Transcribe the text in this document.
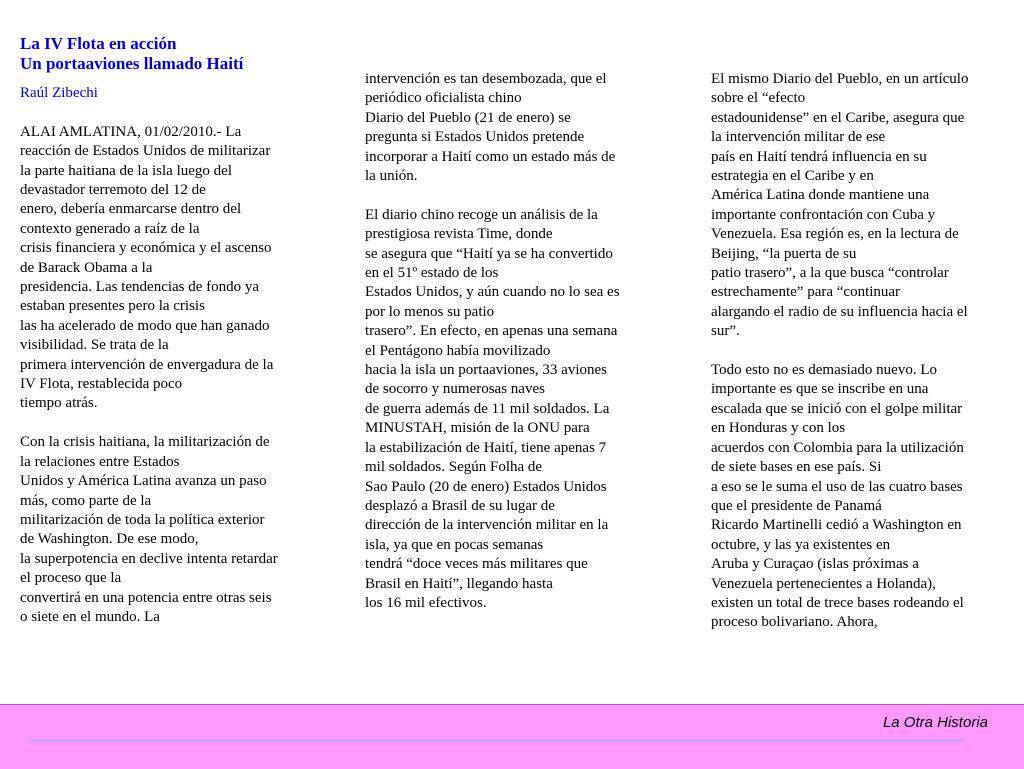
La IV Flota en acción
Un portaaviones llamado Haití
Raúl Zibechi
ALAI AMLATINA, 01/02/2010.- La
reacción de Estados Unidos de militarizar
la parte haitiana de la isla luego del
devastador terremoto del 12 de
enero, debería enmarcarse dentro del
contexto generado a raíz de la
crisis financiera y económica y el ascenso
de Barack Obama a la
presidencia. Las tendencias de fondo ya
estaban presentes pero la crisis
las ha acelerado de modo que han ganado
visibilidad. Se trata de la
primera intervención de envergadura de la
IV Flota, restablecida poco
tiempo atrás.
Con la crisis haitiana, la militarización de
la relaciones entre Estados
Unidos y América Latina avanza un paso
más, como parte de la
militarización de toda la política exterior
de Washington. De ese modo,
la superpotencia en declive intenta retardar
el proceso que la
convertirá en una potencia entre otras seis
o siete en el mundo. La
intervención es tan desembozada, que el
periódico oficialista chino
Diario del Pueblo (21 de enero) se
pregunta si Estados Unidos pretende
incorporar a Haití como un estado más de
la unión.
El diario chino recoge un análisis de la
prestigiosa revista Time, donde
se asegura que “Haití ya se ha convertido
en el 51º estado de los
Estados Unidos, y aún cuando no lo sea es
por lo menos su patio
trasero”. En efecto, en apenas una semana
el Pentágono había movilizado
hacia la isla un portaaviones, 33 aviones
de socorro y numerosas naves
de guerra además de 11 mil soldados. La
MINUSTAH, misión de la ONU para
la estabilización de Haití, tiene apenas 7
mil soldados. Según Folha de
Sao Paulo (20 de enero) Estados Unidos
desplazó a Brasil de su lugar de
dirección de la intervención militar en la
isla, ya que en pocas semanas
tendrá “doce veces más militares que
Brasil en Haití”, llegando hasta
los 16 mil efectivos.
El mismo Diario del Pueblo, en un artículo
sobre el “efecto
estadounidense” en el Caribe, asegura que
la intervención militar de ese
país en Haití tendrá influencia en su
estrategia en el Caribe y en
América Latina donde mantiene una
importante confrontación con Cuba y
Venezuela. Esa región es, en la lectura de
Beijing, “la puerta de su
patio trasero”, a la que busca “controlar
estrechamente” para “continuar
alargando el radio de su influencia hacia el
sur”.
Todo esto no es demasiado nuevo. Lo
importante es que se inscribe en una
escalada que se inició con el golpe militar
en Honduras y con los
acuerdos con Colombia para la utilización
de siete bases en ese país. Si
a eso se le suma el uso de las cuatro bases
que el presidente de Panamá
Ricardo Martinelli cedió a Washington en
octubre, y las ya existentes en
Aruba y Curaçao (islas próximas a
Venezuela pertenecientes a Holanda),
existen un total de trece bases rodeando el
proceso bolivariano. Ahora,
La Otra Historia
